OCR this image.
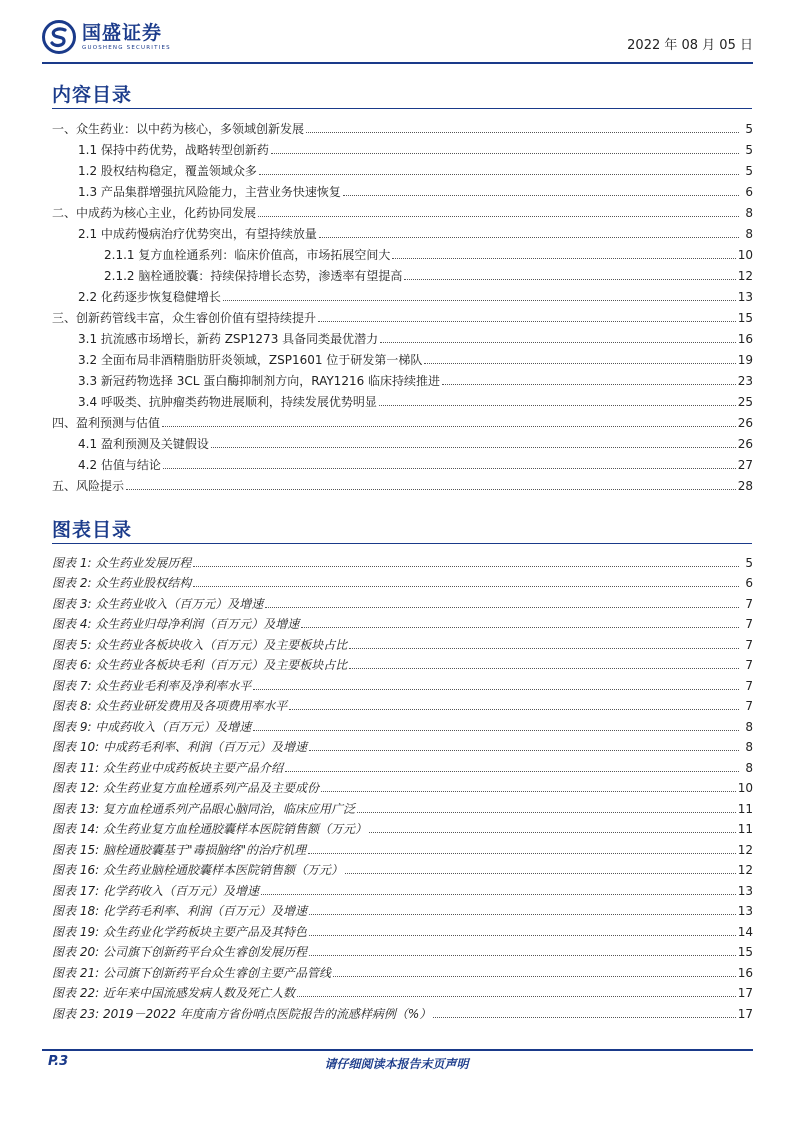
国盛证券
GUOSHENG SECURITIES	2022 年 08 月 05 日
内容目录
一、众生药业：以中药为核心，多领域创新发展	5
1.1 保持中药优势，战略转型创新药	5
1.2 股权结构稳定，覆盖领域众多	5
1.3 产品集群增强抗风险能力，主营业务快速恢复	6
二、中成药为核心主业，化药协同发展	8
2.1 中成药慢病治疗优势突出，有望持续放量	8
2.1.1 复方血栓通系列：临床价值高，市场拓展空间大	10
2.1.2 脑栓通胶囊：持续保持增长态势，渗透率有望提高	12
2.2 化药逐步恢复稳健增长	13
三、创新药管线丰富，众生睿创价值有望持续提升	15
3.1 抗流感市场增长，新药 ZSP1273 具备同类最优潜力	16
3.2 全面布局非酒精脂肪肝炎领域，ZSP1601 位于研发第一梯队	19
3.3 新冠药物选择 3CL 蛋白酶抑制剂方向，RAY1216 临床持续推进	23
3.4 呼吸类、抗肿瘤类药物进展顺利，持续发展优势明显	25
四、盈利预测与估值	26
4.1 盈利预测及关键假设	26
4.2 估值与结论	27
五、风险提示	28
图表目录
图表 1: 众生药业发展历程	5
图表 2: 众生药业股权结构	6
图表 3: 众生药业收入（百万元）及增速	7
图表 4: 众生药业归母净利润（百万元）及增速	7
图表 5: 众生药业各板块收入（百万元）及主要板块占比	7
图表 6: 众生药业各板块毛利（百万元）及主要板块占比	7
图表 7: 众生药业毛利率及净利率水平	7
图表 8: 众生药业研发费用及各项费用率水平	7
图表 9: 中成药收入（百万元）及增速	8
图表 10: 中成药毛利率、利润（百万元）及增速	8
图表 11: 众生药业中成药板块主要产品介绍	8
图表 12: 众生药业复方血栓通系列产品及主要成份	10
图表 13: 复方血栓通系列产品眼心脑同治，临床应用广泛	11
图表 14: 众生药业复方血栓通胶囊样本医院销售额（万元）	11
图表 15: 脑栓通胶囊基于"毒损脑络"的治疗机理	12
图表 16: 众生药业脑栓通胶囊样本医院销售额（万元）	12
图表 17: 化学药收入（百万元）及增速	13
图表 18: 化学药毛利率、利润（百万元）及增速	13
图表 19: 众生药业化学药板块主要产品及其特色	14
图表 20: 公司旗下创新药平台众生睿创发展历程	15
图表 21: 公司旗下创新药平台众生睿创主要产品管线	16
图表 22: 近年来中国流感发病人数及死亡人数	17
图表 23: 2019－2022 年度南方省份哨点医院报告的流感样病例（%）	17
P.3	请仔细阅读本报告末页声明
